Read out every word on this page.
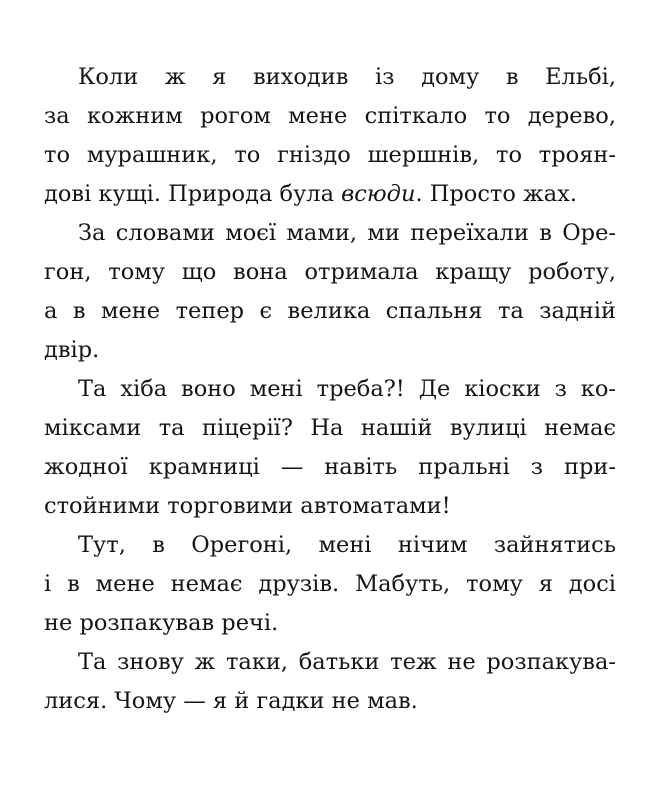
Коли ж я виходив із дому в Ельбі,
за кожним рогом мене спіткало то дерево,
то мурашник, то гніздо шершнів, то троян-
дові кущі. Природа була всюди. Просто жах.
За словами моєї мами, ми переїхали в Оре-
гон, тому що вона отримала кращу роботу,
а в мене тепер є велика спальня та задній
двір.
Та хіба воно мені треба?! Де кіоски з ко-
міксами та піцерії? На нашій вулиці немає
жодної крамниці — навіть пральні з при-
стойними торговими автоматами!
Тут, в Орегоні, мені нічим зайнятись
і в мене немає друзів. Мабуть, тому я досі
не розпакував речі.
Та знову ж таки, батьки теж не розпакува-
лися. Чому — я й гадки не мав.
